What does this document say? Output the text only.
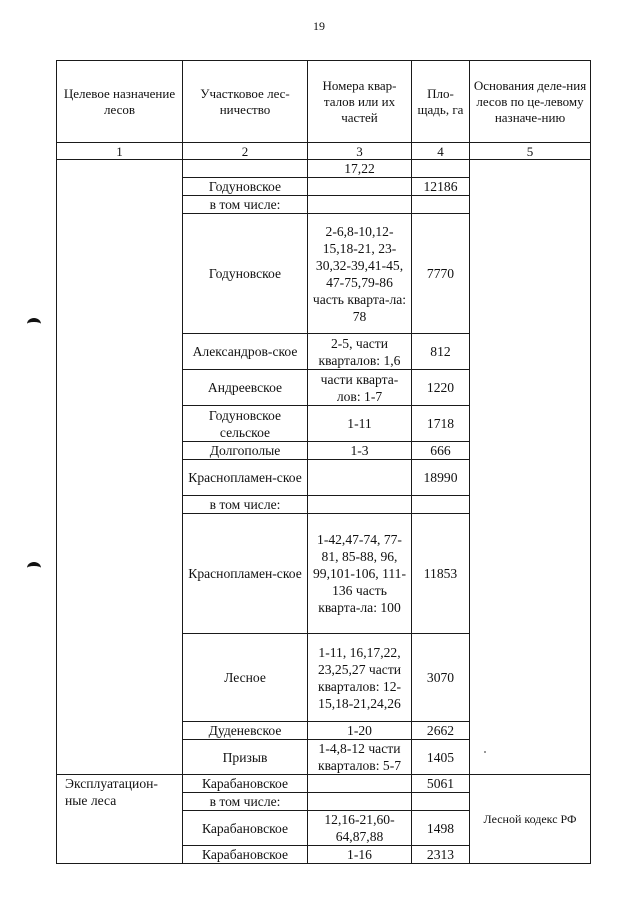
19
Целевое назначение лесов	Участковое лес-ничество	Номера квар-талов или их частей	Пло-щадь, га	Основания деле-ния лесов по це-левому назначе-нию
1	2	3	4	5
		17,22		
	Годуновское		12186	
	в том числе:			
	Годуновское	2-6,8-10,12-15,18-21, 23-30,32-39,41-45, 47-75,79-86 часть кварта-ла: 78	7770	
	Александров-ское	2-5, части кварталов: 1,6	812	
	Андреевское	части кварта-лов: 1-7	1220	
	Годуновское сельское	1-11	1718	
	Долгополые	1-3	666	
	Краснопламен-ское		18990	
	в том числе:			
	Краснопламен-ское	1-42,47-74, 77-81, 85-88, 96, 99,101-106, 111-136 часть кварта-ла: 100	11853	
	Лесное	1-11, 16,17,22, 23,25,27 части кварталов: 12-15,18-21,24,26	3070	
	Дуденевское	1-20	2662	
	Призыв	1-4,8-12 части кварталов: 5-7	1405	
Эксплуатацион-ные леса	Карабановское		5061	Лесной кодекс РФ
	в том числе:			
	Карабановское	12,16-21,60-64,87,88	1498	
	Карабановское	1-16	2313	
